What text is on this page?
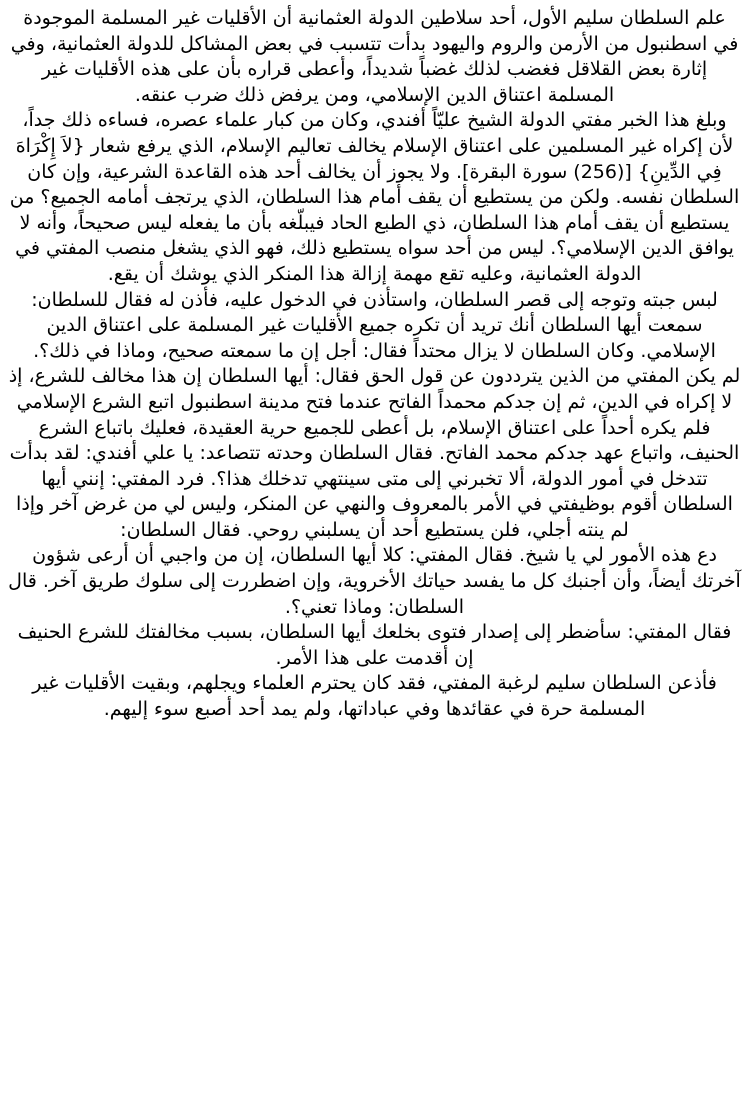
علم السلطان سليم الأول، أحد سلاطين الدولة العثمانية أن الأقليات غير المسلمة الموجودة في اسطنبول من الأرمن والروم واليهود بدأت تتسبب في بعض المشاكل للدولة العثمانية، وفي إثارة بعض القلاقل فغضب لذلك غضباً شديداً، وأعطى قراره بأن على هذه الأقليات غير المسلمة اعتناق الدين الإسلامي، ومن يرفض ذلك ضرب عنقه.

وبلغ هذا الخبر مفتي الدولة الشيخ عليّاً أفندي، وكان من كبار علماء عصره، فساءه ذلك جداً، لأن إكراه غير المسلمين على اعتناق الإسلام يخالف تعاليم الإسلام، الذي يرفع شعار {لاَ إِكْرَاهَ فِي الدِّينِ} [(256) سورة البقرة]. ولا يجوز أن يخالف أحد هذه القاعدة الشرعية، وإن كان السلطان نفسه. ولكن من يستطيع أن يقف أمام هذا السلطان، الذي يرتجف أمامه الجميع؟ من يستطيع أن يقف أمام هذا السلطان، ذي الطبع الحاد فيبلّغه بأن ما يفعله ليس صحيحاً، وأنه لا يوافق الدين الإسلامي؟. ليس من أحد سواه يستطيع ذلك، فهو الذي يشغل منصب المفتي في الدولة العثمانية، وعليه تقع مهمة إزالة هذا المنكر الذي يوشك أن يقع.

لبس جبته وتوجه إلى قصر السلطان، واستأذن في الدخول عليه، فأذن له فقال للسلطان: سمعت أيها السلطان أنك تريد أن تكره جميع الأقليات غير المسلمة على اعتناق الدين الإسلامي. وكان السلطان لا يزال محتداً فقال: أجل إن ما سمعته صحيح، وماذا في ذلك؟.

لم يكن المفتي من الذين يترددون عن قول الحق فقال: أيها السلطان إن هذا مخالف للشرع، إذ لا إكراه في الدين، ثم إن جدكم محمداً الفاتح عندما فتح مدينة اسطنبول اتبع الشرع الإسلامي فلم يكره أحداً على اعتناق الإسلام، بل أعطى للجميع حرية العقيدة، فعليك باتباع الشرع الحنيف، واتباع عهد جدكم محمد الفاتح. فقال السلطان وحدته تتصاعد: يا علي أفندي: لقد بدأت تتدخل في أمور الدولة، ألا تخبرني إلى متى سينتهي تدخلك هذا؟. فرد المفتي: إنني أيها السلطان أقوم بوظيفتي في الأمر بالمعروف والنهي عن المنكر، وليس لي من غرض آخر وإذا لم ينته أجلي، فلن يستطيع أحد أن يسلبني روحي. فقال السلطان:

دع هذه الأمور لي يا شيخ. فقال المفتي: كلا أيها السلطان، إن من واجبي أن أرعى شؤون آخرتك أيضاً، وأن أجنبك كل ما يفسد حياتك الأخروية، وإن اضطررت إلى سلوك طريق آخر. قال السلطان: وماذا تعني؟.

فقال المفتي: سأضطر إلى إصدار فتوى بخلعك أيها السلطان، بسبب مخالفتك للشرع الحنيف إن أقدمت على هذا الأمر.

فأذعن السلطان سليم لرغبة المفتي، فقد كان يحترم العلماء ويجلهم، وبقيت الأقليات غير المسلمة حرة في عقائدها وفي عباداتها، ولم يمد أحد أصبع سوء إليهم.
